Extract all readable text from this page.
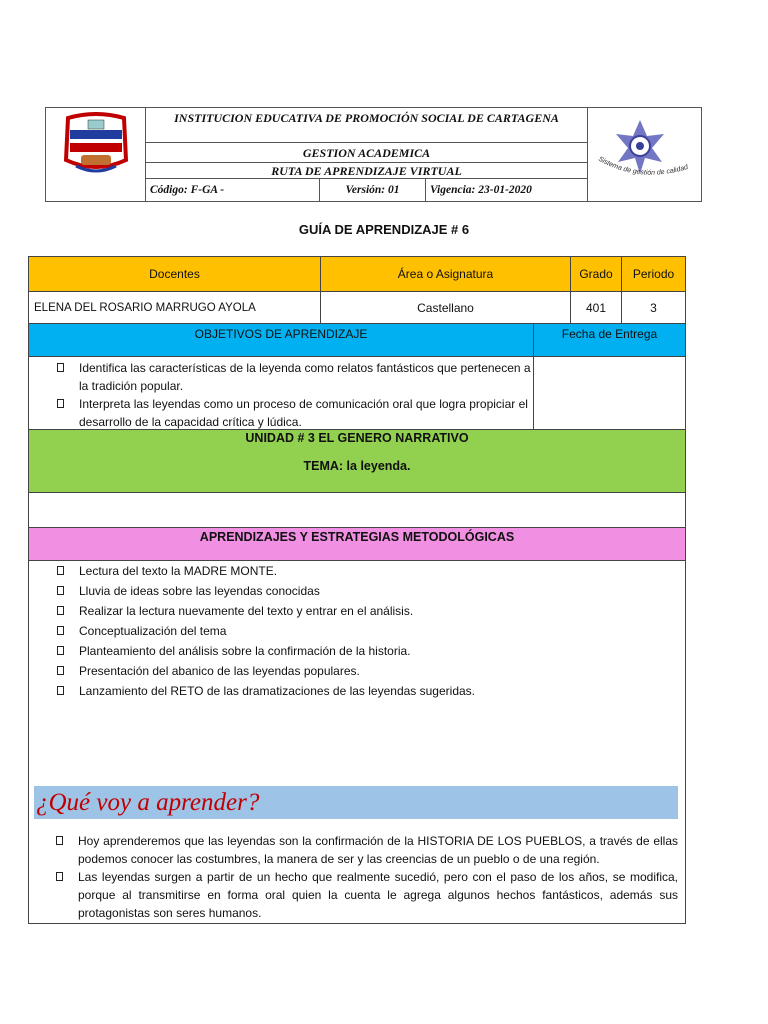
INSTITUCION EDUCATIVA DE PROMOCIÓN SOCIAL DE CARTAGENA
GESTION ACADEMICA
RUTA DE APRENDIZAJE VIRTUAL
Código: F-GA -	Versión: 01	Vigencia: 23-01-2020
Sistema de gestión de calidad
GUÍA DE APRENDIZAJE # 6
Docentes	Área o Asignatura	Grado	Periodo
ELENA DEL ROSARIO MARRUGO AYOLA	Castellano	401	3
OBJETIVOS DE APRENDIZAJE	Fecha de Entrega
Identifica las características de la leyenda como relatos fantásticos que pertenecen a la tradición popular.
Interpreta las leyendas como un proceso de comunicación oral que logra propiciar el desarrollo de la capacidad crítica y lúdica.
UNIDAD # 3 EL GENERO NARRATIVO
TEMA: la leyenda.
APRENDIZAJES Y ESTRATEGIAS METODOLÓGICAS
Lectura del texto la MADRE MONTE.
Lluvia de ideas sobre las leyendas conocidas
Realizar la lectura nuevamente del texto y entrar en el análisis.
Conceptualización del tema
Planteamiento del análisis sobre la confirmación de la historia.
Presentación del abanico de las leyendas populares.
Lanzamiento del RETO de las dramatizaciones de las leyendas sugeridas.
¿Qué voy a aprender?
Hoy aprenderemos que las leyendas son la confirmación de la HISTORIA DE LOS PUEBLOS, a través de ellas podemos conocer las costumbres, la manera de ser y las creencias de un pueblo o de una región.
Las leyendas surgen a partir de un hecho que realmente sucedió, pero con el paso de los años, se modifica, porque al transmitirse en forma oral quien la cuenta le agrega algunos hechos fantásticos, además sus protagonistas son seres humanos.
